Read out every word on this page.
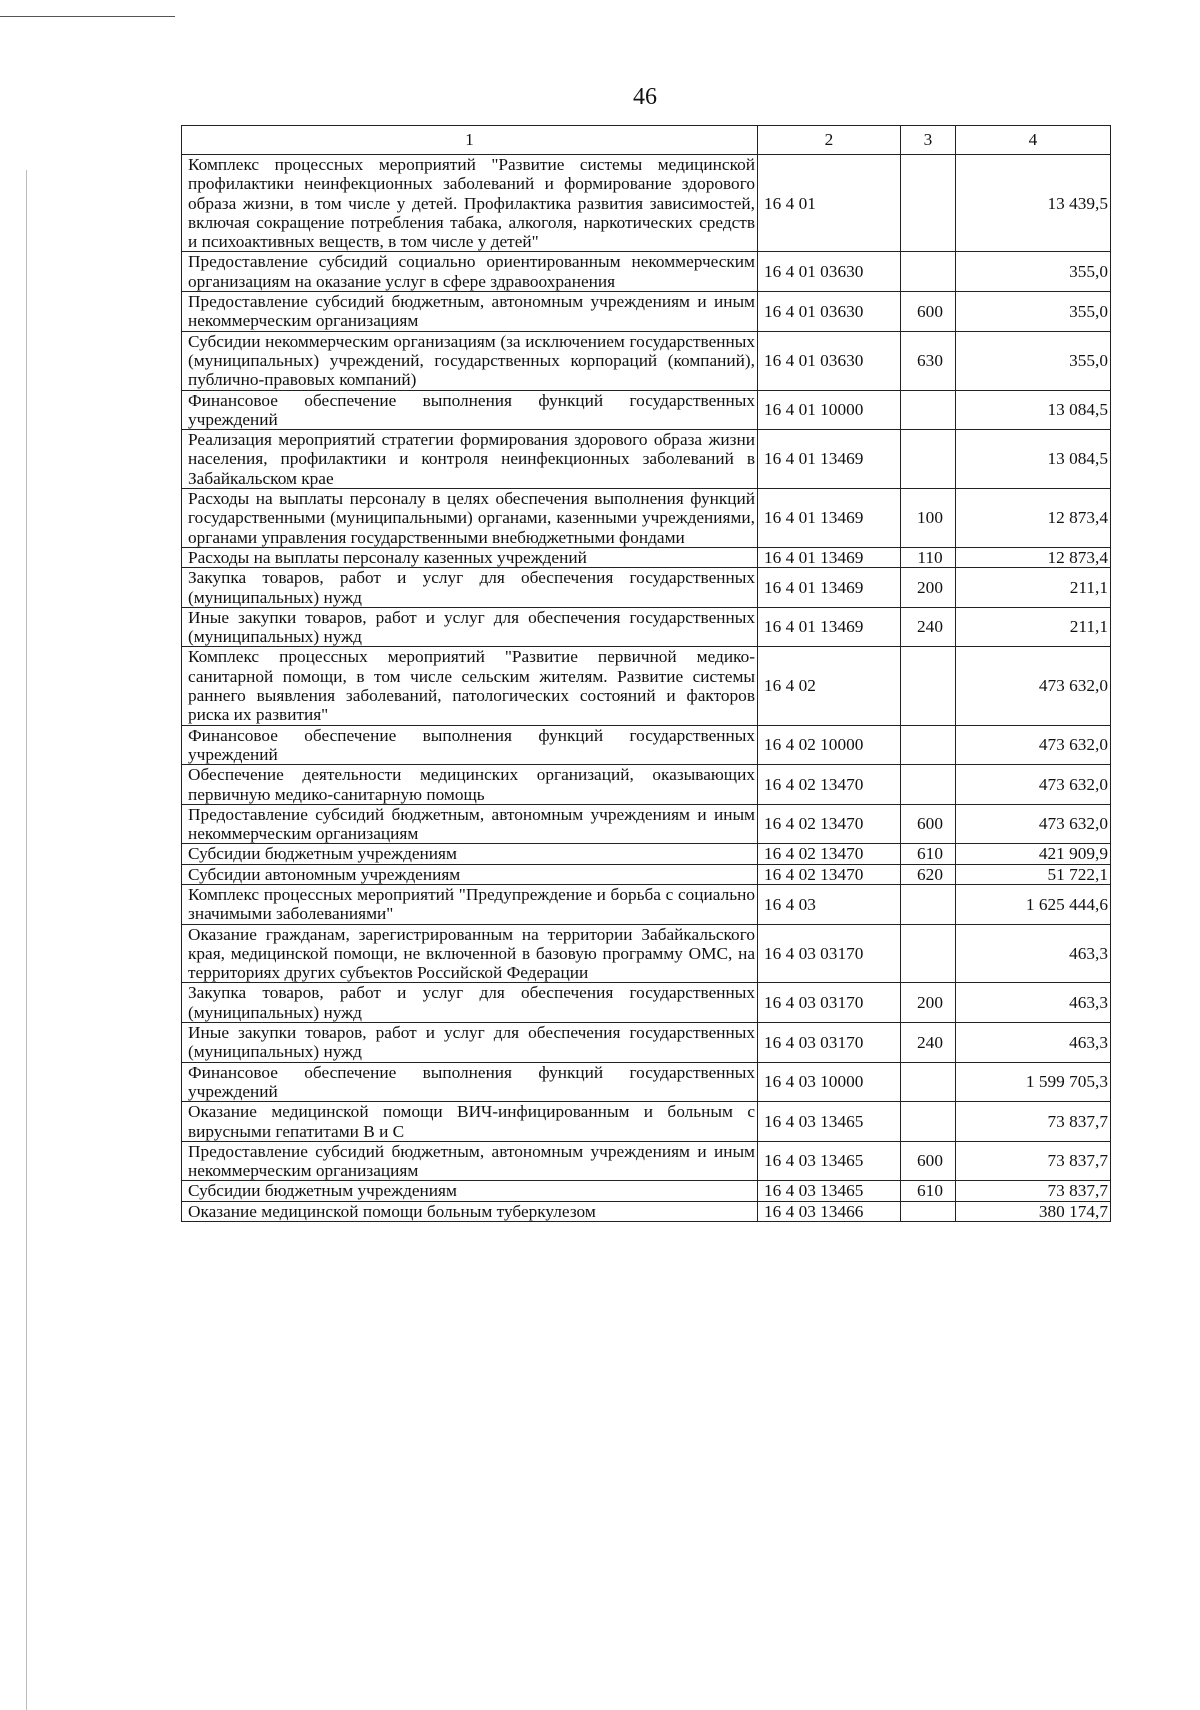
46
1	2	3	4
Комплекс процессных мероприятий "Развитие системы медицинской профилактики неинфекционных заболеваний и формирование здорового образа жизни, в том числе у детей. Профилактика развития зависимостей, включая сокращение потребления табака, алкоголя, наркотических средств и психоактивных веществ, в том числе у детей"	16 4 01		13 439,5
Предоставление субсидий социально ориентированным некоммерческим организациям на оказание услуг в сфере здравоохранения	16 4 01 03630		355,0
Предоставление субсидий бюджетным, автономным учреждениям и иным некоммерческим организациям	16 4 01 03630	600	355,0
Субсидии некоммерческим организациям (за исключением государственных (муниципальных) учреждений, государственных корпораций (компаний), публично-правовых компаний)	16 4 01 03630	630	355,0
Финансовое обеспечение выполнения функций государственных учреждений	16 4 01 10000		13 084,5
Реализация мероприятий стратегии формирования здорового образа жизни населения, профилактики и контроля неинфекционных заболеваний в Забайкальском крае	16 4 01 13469		13 084,5
Расходы на выплаты персоналу в целях обеспечения выполнения функций государственными (муниципальными) органами, казенными учреждениями, органами управления государственными внебюджетными фондами	16 4 01 13469	100	12 873,4
Расходы на выплаты персоналу казенных учреждений	16 4 01 13469	110	12 873,4
Закупка товаров, работ и услуг для обеспечения государственных (муниципальных) нужд	16 4 01 13469	200	211,1
Иные закупки товаров, работ и услуг для обеспечения государственных (муниципальных) нужд	16 4 01 13469	240	211,1
Комплекс процессных мероприятий "Развитие первичной медико-санитарной помощи, в том числе сельским жителям. Развитие системы раннего выявления заболеваний, патологических состояний и факторов риска их развития"	16 4 02		473 632,0
Финансовое обеспечение выполнения функций государственных учреждений	16 4 02 10000		473 632,0
Обеспечение деятельности медицинских организаций, оказывающих первичную медико-санитарную помощь	16 4 02 13470		473 632,0
Предоставление субсидий бюджетным, автономным учреждениям и иным некоммерческим организациям	16 4 02 13470	600	473 632,0
Субсидии бюджетным учреждениям	16 4 02 13470	610	421 909,9
Субсидии автономным учреждениям	16 4 02 13470	620	51 722,1
Комплекс процессных мероприятий "Предупреждение и борьба с социально значимыми заболеваниями"	16 4 03		1 625 444,6
Оказание гражданам, зарегистрированным на территории Забайкальского края, медицинской помощи, не включенной в базовую программу ОМС, на территориях других субъектов Российской Федерации	16 4 03 03170		463,3
Закупка товаров, работ и услуг для обеспечения государственных (муниципальных) нужд	16 4 03 03170	200	463,3
Иные закупки товаров, работ и услуг для обеспечения государственных (муниципальных) нужд	16 4 03 03170	240	463,3
Финансовое обеспечение выполнения функций государственных учреждений	16 4 03 10000		1 599 705,3
Оказание медицинской помощи ВИЧ-инфицированным и больным с вирусными гепатитами В и С	16 4 03 13465		73 837,7
Предоставление субсидий бюджетным, автономным учреждениям и иным некоммерческим организациям	16 4 03 13465	600	73 837,7
Субсидии бюджетным учреждениям	16 4 03 13465	610	73 837,7
Оказание медицинской помощи больным туберкулезом	16 4 03 13466		380 174,7
